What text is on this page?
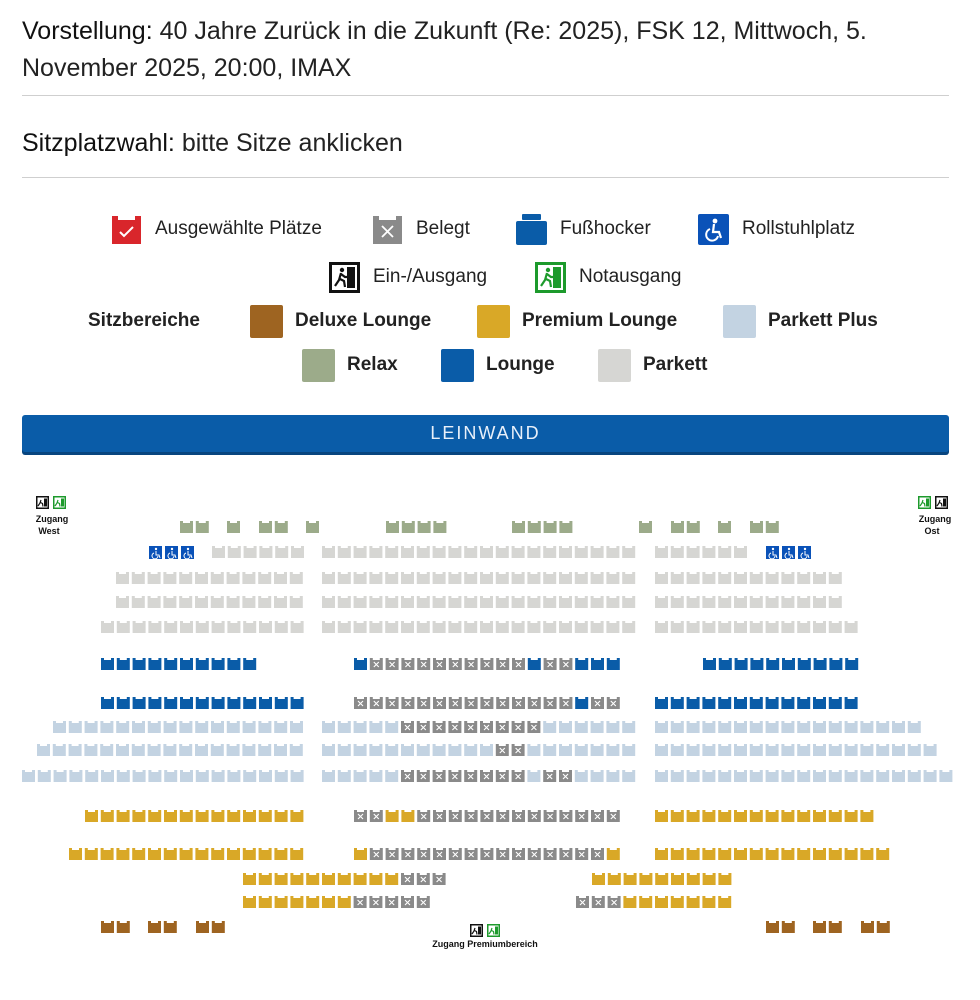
Vorstellung: 40 Jahre Zurück in die Zukunft (Re: 2025), FSK 12, Mittwoch, 5. November 2025, 20:00, IMAX
Sitzplatzwahl: bitte Sitze anklicken
Ausgewählte Plätze	Belegt	Fußhocker	Rollstuhlplatz
Ein-/Ausgang	Notausgang
Sitzbereiche	Deluxe Lounge	Premium Lounge	Parkett Plus
Relax	Lounge	Parkett
LEINWAND
Zugang
West
Zugang
Ost
Zugang Premiumbereich
